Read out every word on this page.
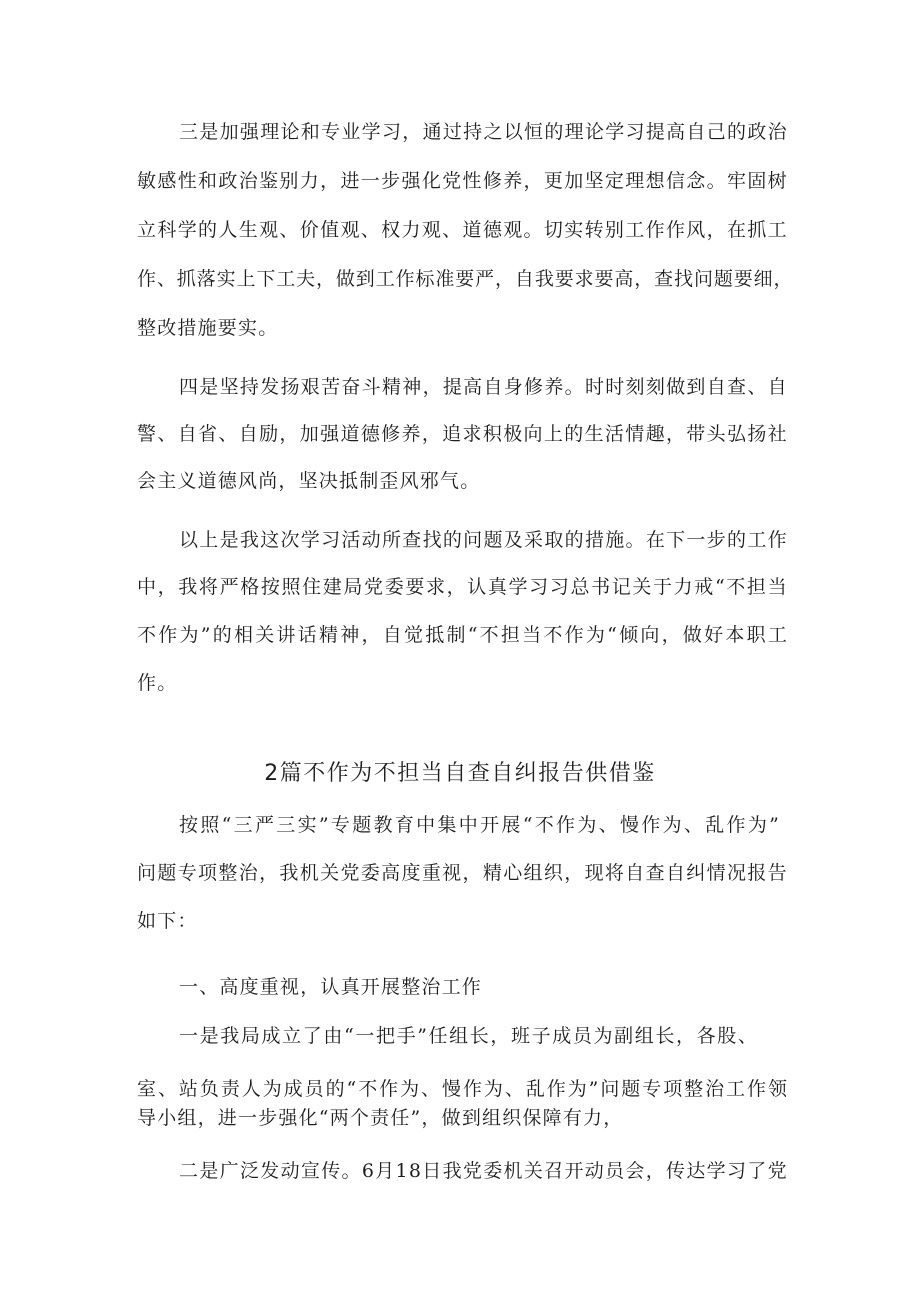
三 是 加 强 理 论 和 专 业 学 习 ， 通 过 持 之 以 恒 的 理 论 学 习 提 高 自 己 的 政 治
敏 感 性 和 政 治 鉴 别 力 ， 进 一 步 强 化 党 性 修 养 ， 更 加 坚 定 理 想 信 念 。 牢 固 树
立 科 学 的 人 生 观 、 价 值 观 、 权 力 观 、 道 德 观 。 切 实 转 别 工 作 作 风 ， 在 抓 工
作 、 抓 落 实 上 下 工 夫 ， 做 到 工 作 标 准 要 严 ， 自 我 要 求 要 高 ， 查 找 问 题 要 细 ，
整改措施要实。
四 是 坚 持 发 扬 艰 苦 奋 斗 精 神 ， 提 高 自 身 修 养 。 时 时 刻 刻 做 到 自 查 、 自
警 、 自 省 、 自 励 ， 加 强 道 德 修 养 ， 追 求 积 极 向 上 的 生 活 情 趣 ， 带 头 弘 扬 社
会主义道德风尚，坚决抵制歪风邪气。
以 上 是 我 这 次 学 习 活 动 所 查 找 的 问 题 及 采 取 的 措 施 。 在 下 一 步 的 工 作
中 ， 我 将 严 格 按 照 住 建 局 党 委 要 求 ， 认 真 学 习 习 总 书 记 关 于 力 戒 “ 不 担 当
不 作 为 ” 的 相 关 讲 话 精 神 ， 自 觉 抵 制 “ 不 担 当 不 作 为 “ 倾 向 ， 做 好 本 职 工
作。
2篇不作为不担当自查自纠报告供借鉴
按 照 “ 三 严 三 实 ” 专 题 教 育 中 集 中 开 展 “ 不 作 为 、 慢 作 为 、 乱 作 为 ”
问 题 专 项 整 治 ， 我 机 关 党 委 高 度 重 视 ， 精 心 组 织 ， 现 将 自 查 自 纠 情 况 报 告
如下：
一、高度重视，认真开展整治工作
一 是 我 局 成 立 了 由 “ 一 把 手 ” 任 组 长 ， 班 子 成 员 为 副 组 长 ， 各 股 、
室 、 站 负 责 人 为 成 员 的 “ 不 作 为 、 慢 作 为 、 乱 作 为 ” 问 题 专 项 整 治 工 作 领
导小组，进一步强化“两个责任”，做到组织保障有力，
二 是 广 泛 发 动 宣 传 。 6 月 1 8 日 我 党 委 机 关 召 开 动 员 会 ， 传 达 学 习 了 党
